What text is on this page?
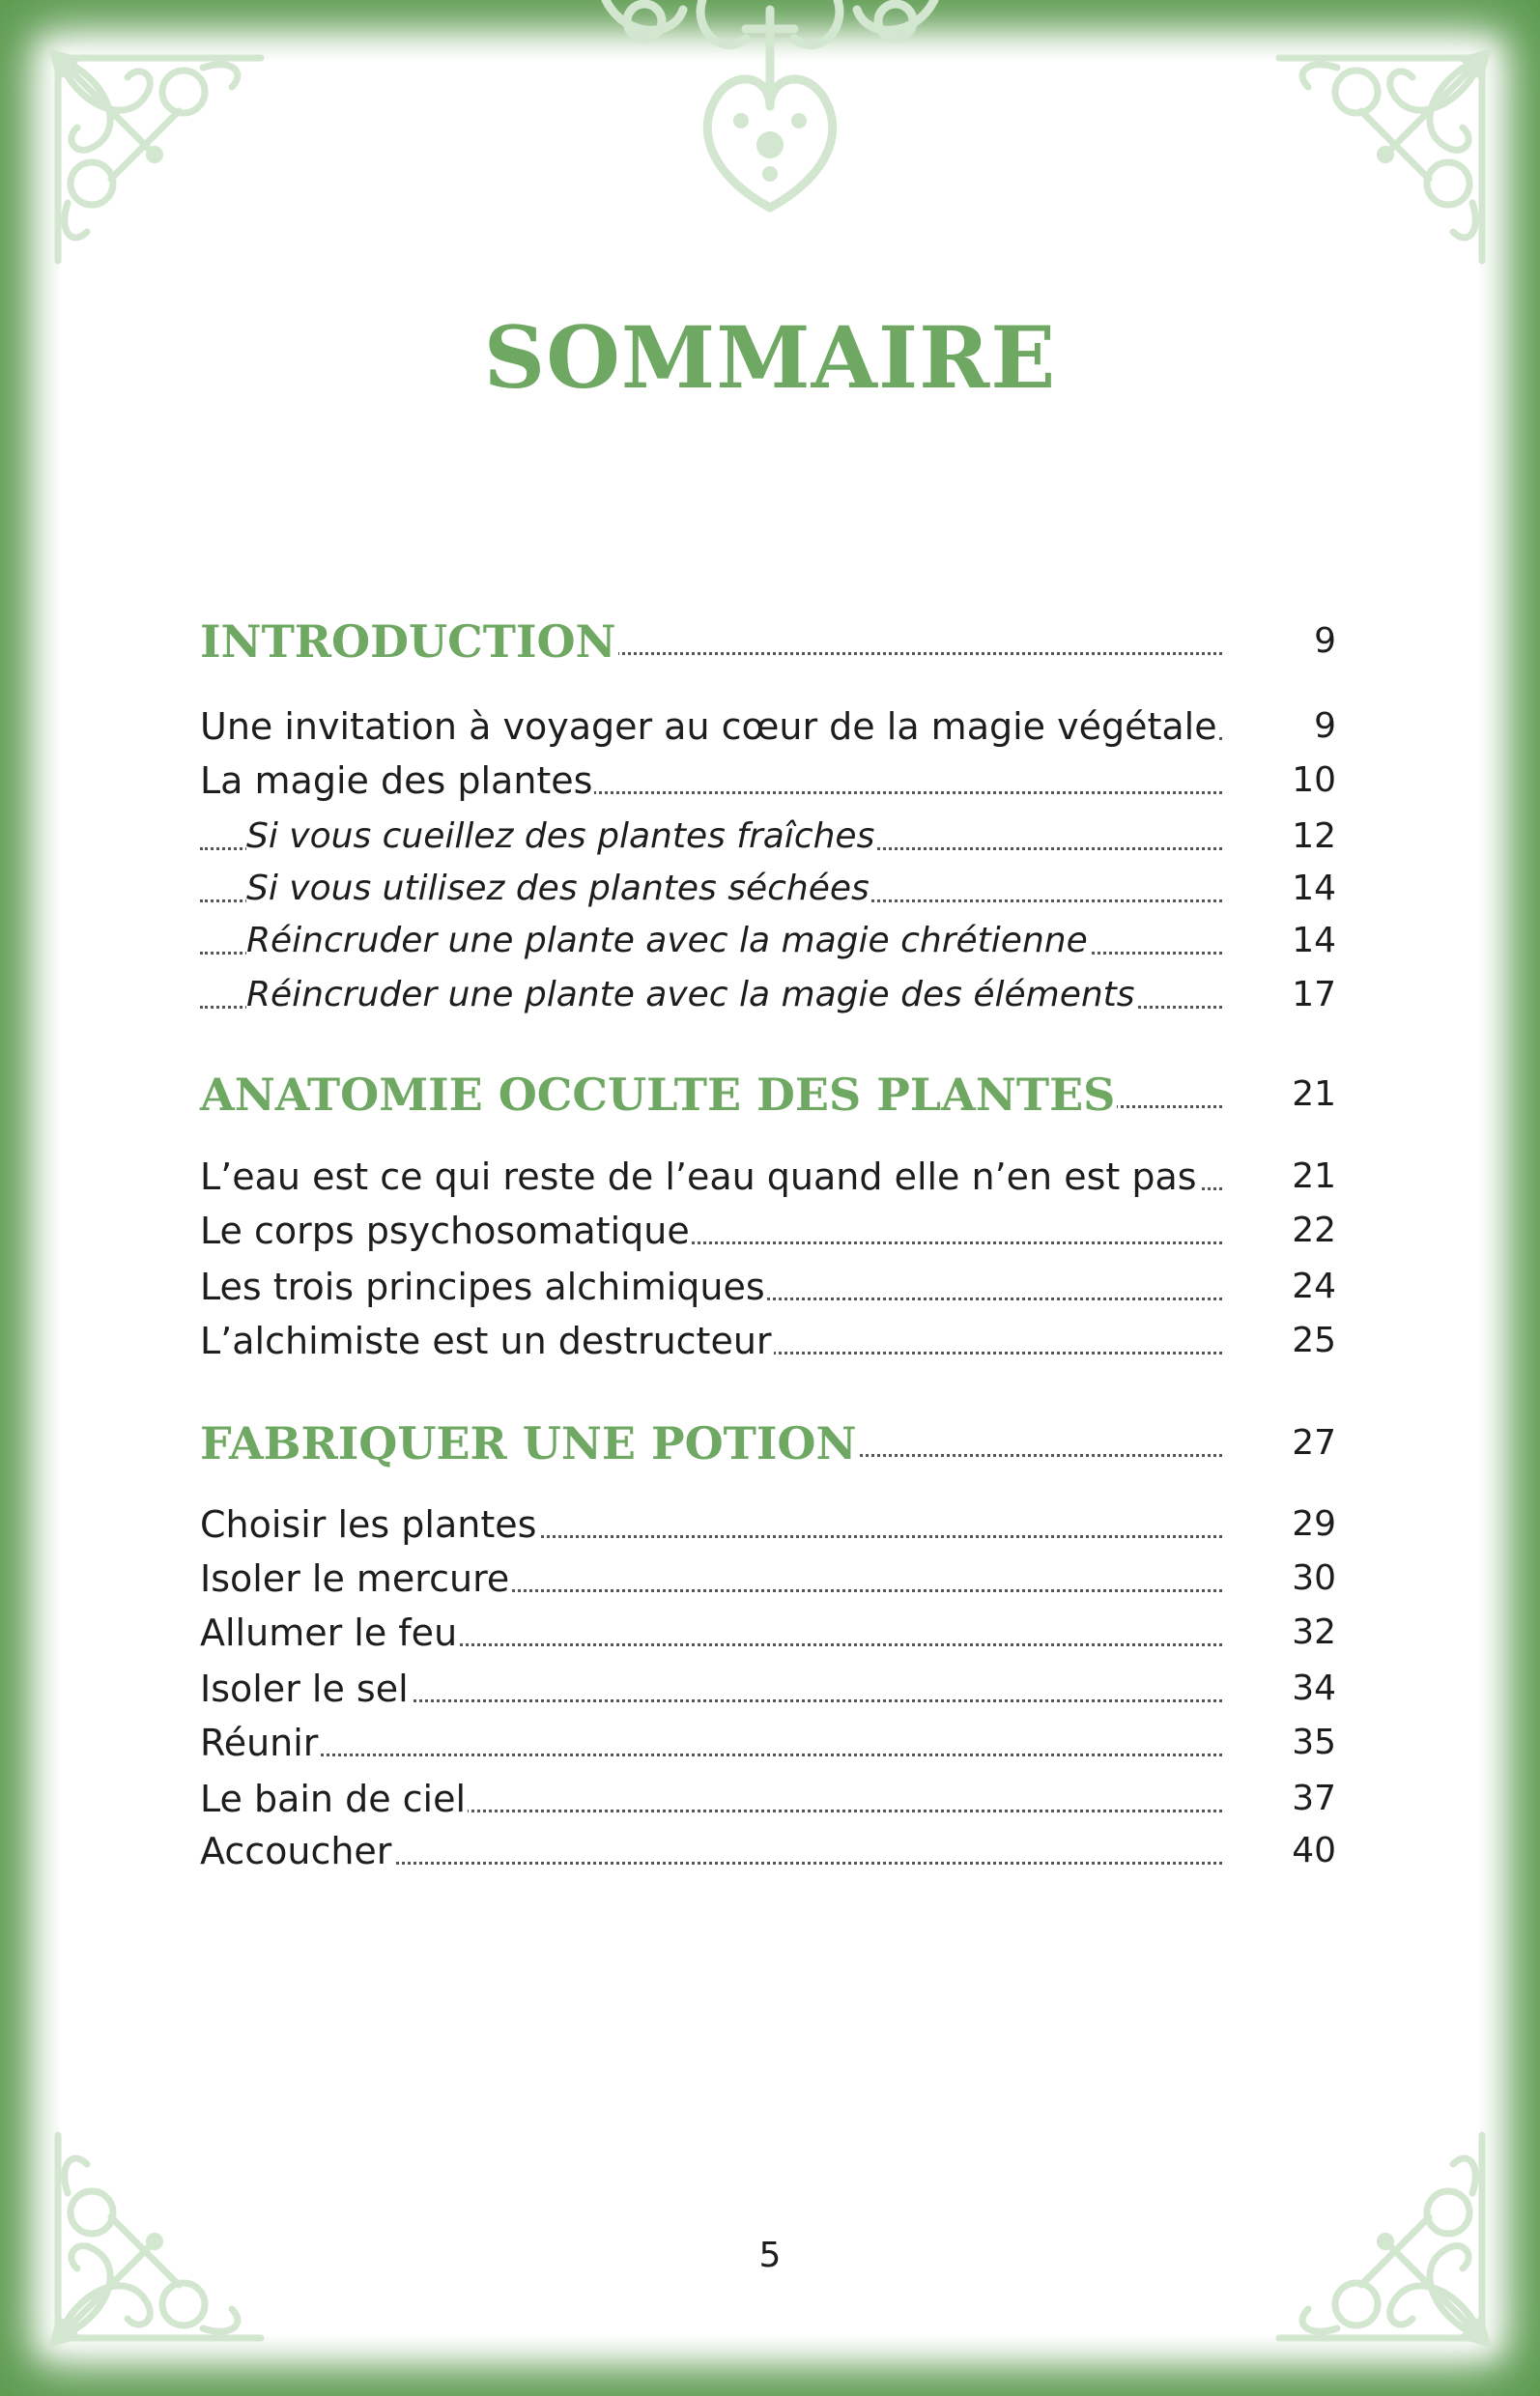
SOMMAIRE
INTRODUCTION	9
Une invitation à voyager au cœur de la magie végétale	9
La magie des plantes	10
Si vous cueillez des plantes fraîches	12
Si vous utilisez des plantes séchées	14
Réincruder une plante avec la magie chrétienne	14
Réincruder une plante avec la magie des éléments	17
ANATOMIE OCCULTE DES PLANTES	21
L’eau est ce qui reste de l’eau quand elle n’en est pas	21
Le corps psychosomatique	22
Les trois principes alchimiques	24
L’alchimiste est un destructeur	25
FABRIQUER UNE POTION	27
Choisir les plantes	29
Isoler le mercure	30
Allumer le feu	32
Isoler le sel	34
Réunir	35
Le bain de ciel	37
Accoucher	40
5
